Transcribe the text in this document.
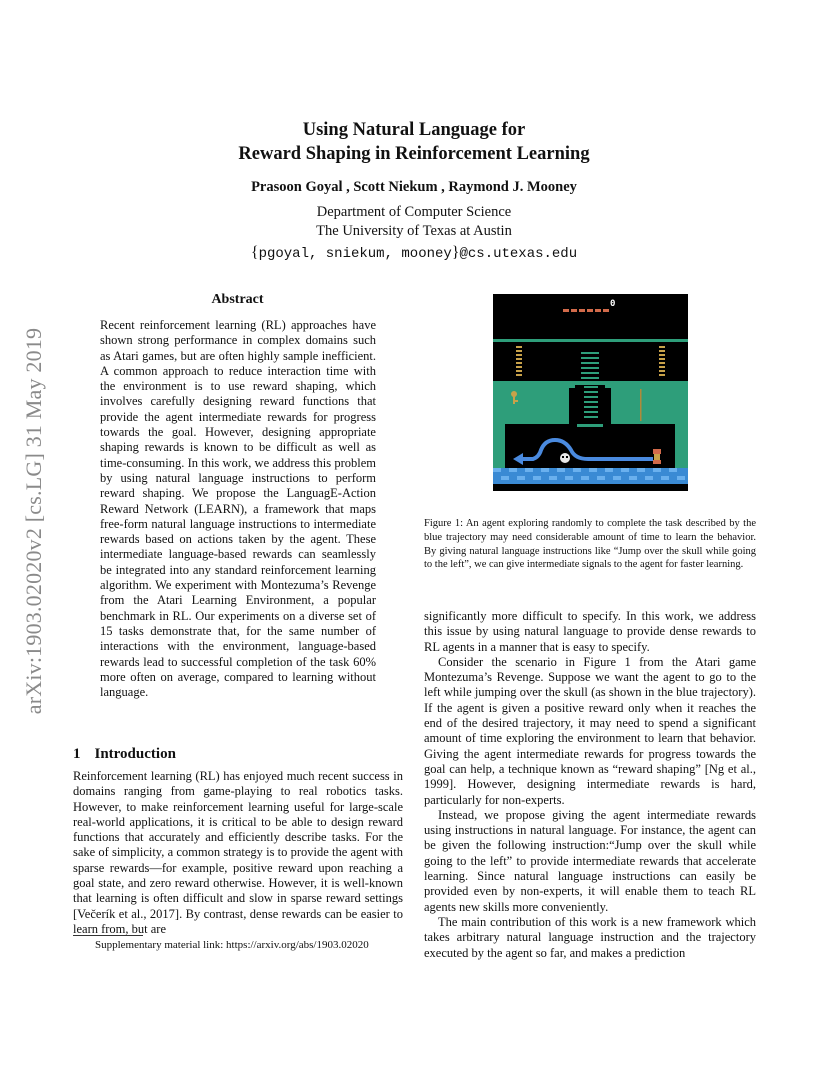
Using Natural Language for
Reward Shaping in Reinforcement Learning
Prasoon Goyal , Scott Niekum , Raymond J. Mooney
Department of Computer Science
The University of Texas at Austin
{pgoyal, sniekum, mooney}@cs.utexas.edu
arXiv:1903.02020v2 [cs.LG] 31 May 2019
Abstract
Recent reinforcement learning (RL) approaches have shown strong performance in complex domains such as Atari games, but are often highly sample inefficient. A common approach to reduce interaction time with the environment is to use reward shaping, which involves carefully designing reward functions that provide the agent intermediate rewards for progress towards the goal. However, designing appropriate shaping rewards is known to be difficult as well as time-consuming. In this work, we address this problem by using natural language instructions to perform reward shaping. We propose the LanguagE-Action Reward Network (LEARN), a framework that maps free-form natural language instructions to intermediate rewards based on actions taken by the agent. These intermediate language-based rewards can seamlessly be integrated into any standard reinforcement learning algorithm. We experiment with Montezuma’s Revenge from the Atari Learning Environment, a popular benchmark in RL. Our experiments on a diverse set of 15 tasks demonstrate that, for the same number of interactions with the environment, language-based rewards lead to successful completion of the task 60% more often on average, compared to learning without language.
1 Introduction

Reinforcement learning (RL) has enjoyed much recent success in domains ranging from game-playing to real robotics tasks. However, to make reinforcement learning useful for large-scale real-world applications, it is critical to be able to design reward functions that accurately and efficiently describe tasks. For the sake of simplicity, a common strategy is to provide the agent with sparse rewards—for example, positive reward upon reaching a goal state, and zero reward otherwise. However, it is well-known that learning is often difficult and slow in sparse reward settings [Večerík et al., 2017]. By contrast, dense rewards can be easier to learn from, but are

Supplementary material link: https://arxiv.org/abs/1903.02020
0
Figure 1: An agent exploring randomly to complete the task described by the blue trajectory may need considerable amount of time to learn the behavior. By giving natural language instructions like “Jump over the skull while going to the left”, we can give intermediate signals to the agent for faster learning.

significantly more difficult to specify. In this work, we address this issue by using natural language to provide dense rewards to RL agents in a manner that is easy to specify.

Consider the scenario in Figure 1 from the Atari game Montezuma’s Revenge. Suppose we want the agent to go to the left while jumping over the skull (as shown in the blue trajectory). If the agent is given a positive reward only when it reaches the end of the desired trajectory, it may need to spend a significant amount of time exploring the environment to learn that behavior. Giving the agent intermediate rewards for progress towards the goal can help, a technique known as “reward shaping” [Ng et al., 1999]. However, designing intermediate rewards is hard, particularly for non-experts.

Instead, we propose giving the agent intermediate rewards using instructions in natural language. For instance, the agent can be given the following instruction:“Jump over the skull while going to the left” to provide intermediate rewards that accelerate learning. Since natural language instructions can easily be provided even by non-experts, it will enable them to teach RL agents new skills more conveniently.

The main contribution of this work is a new framework which takes arbitrary natural language instruction and the trajectory executed by the agent so far, and makes a prediction
